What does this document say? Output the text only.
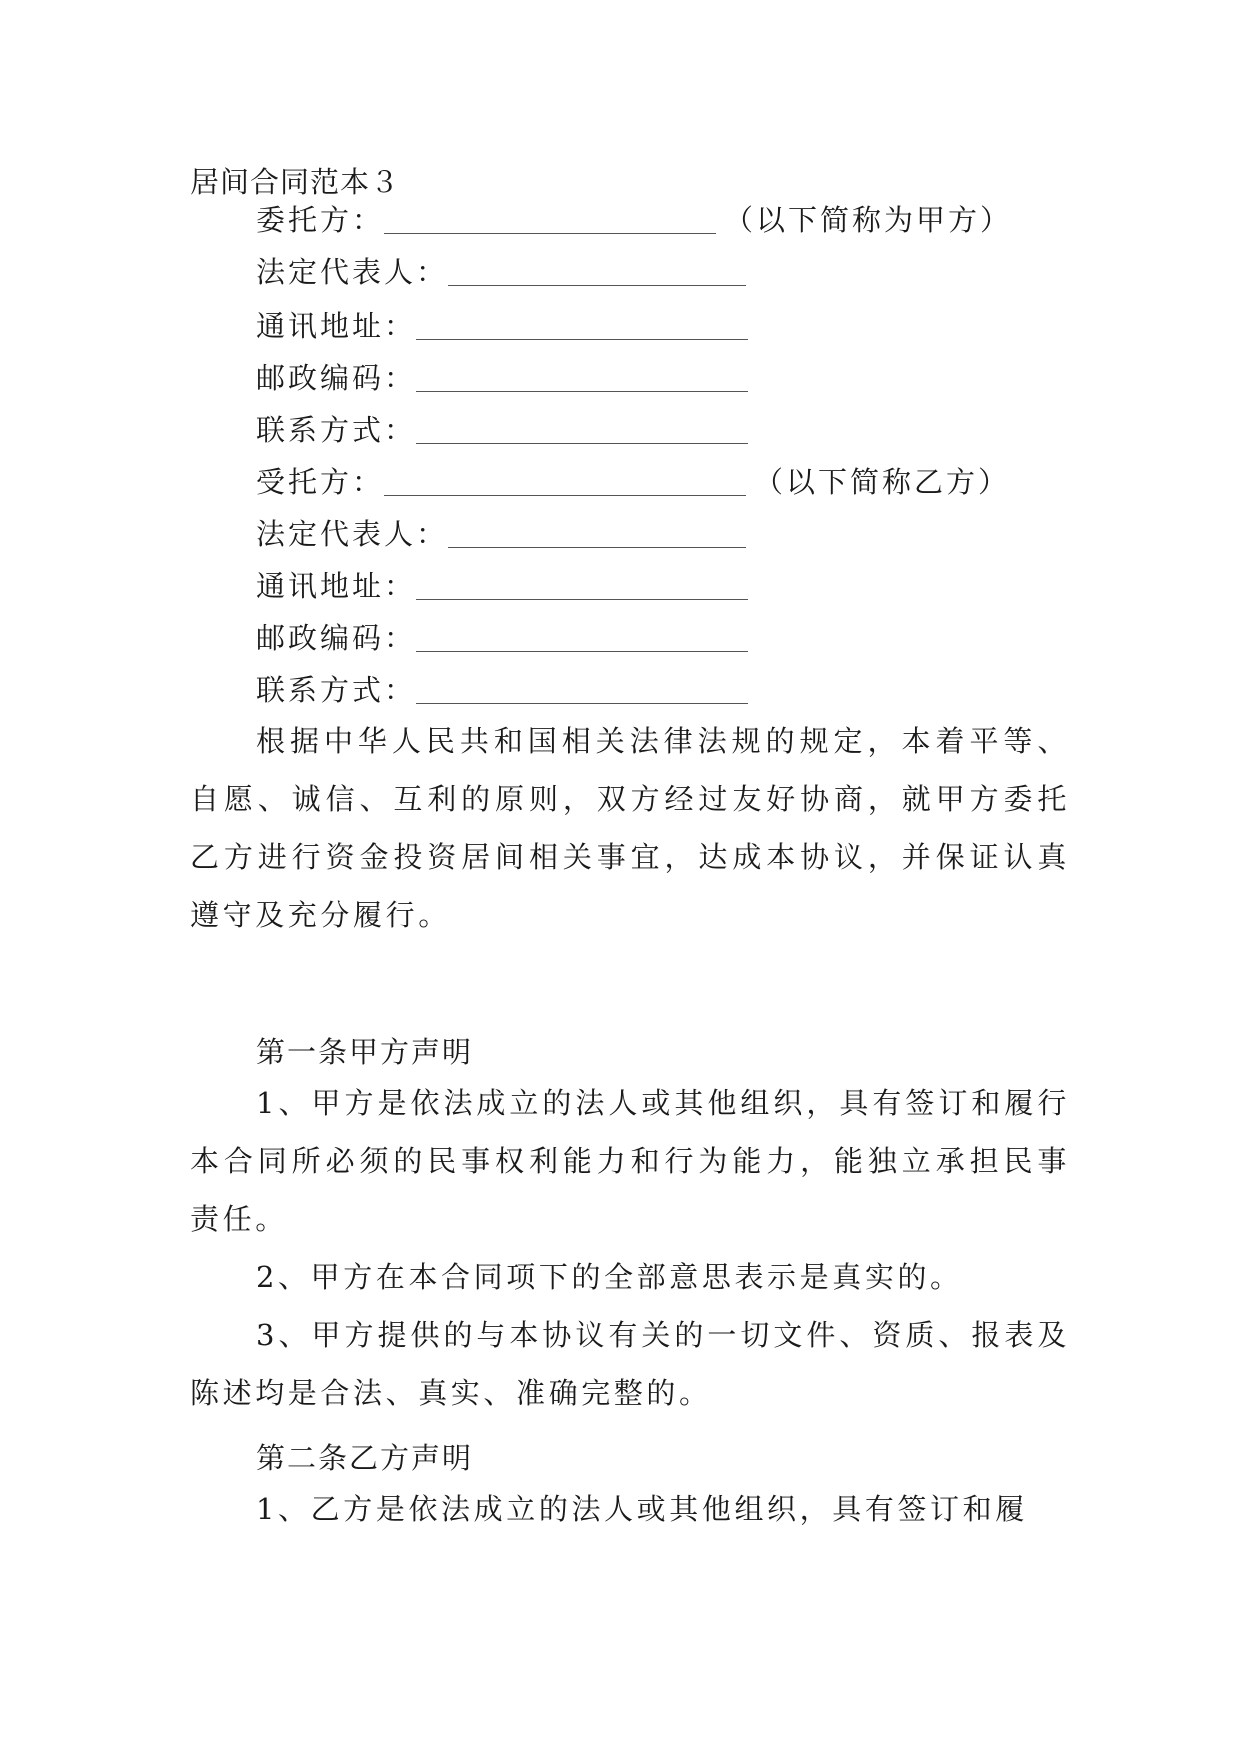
居间合同范本３
委托方：	（以下简称为甲方）
法定代表人：
通讯地址：
邮政编码：
联系方式：
受托方：	（以下简称乙方）
法定代表人：
通讯地址：
邮政编码：
联系方式：

根据中华人民共和国相关法律法规的规定，本着平等、自愿、诚信、互利的原则，双方经过友好协商，就甲方委托乙方进行资金投资居间相关事宜，达成本协议，并保证认真遵守及充分履行。

第一条甲方声明

1、甲方是依法成立的法人或其他组织，具有签订和履行本合同所必须的民事权利能力和行为能力，能独立承担民事责任。

2、甲方在本合同项下的全部意思表示是真实的。

3、甲方提供的与本协议有关的一切文件、资质、报表及陈述均是合法、真实、准确完整的。

第二条乙方声明

1、乙方是依法成立的法人或其他组织，具有签订和履
